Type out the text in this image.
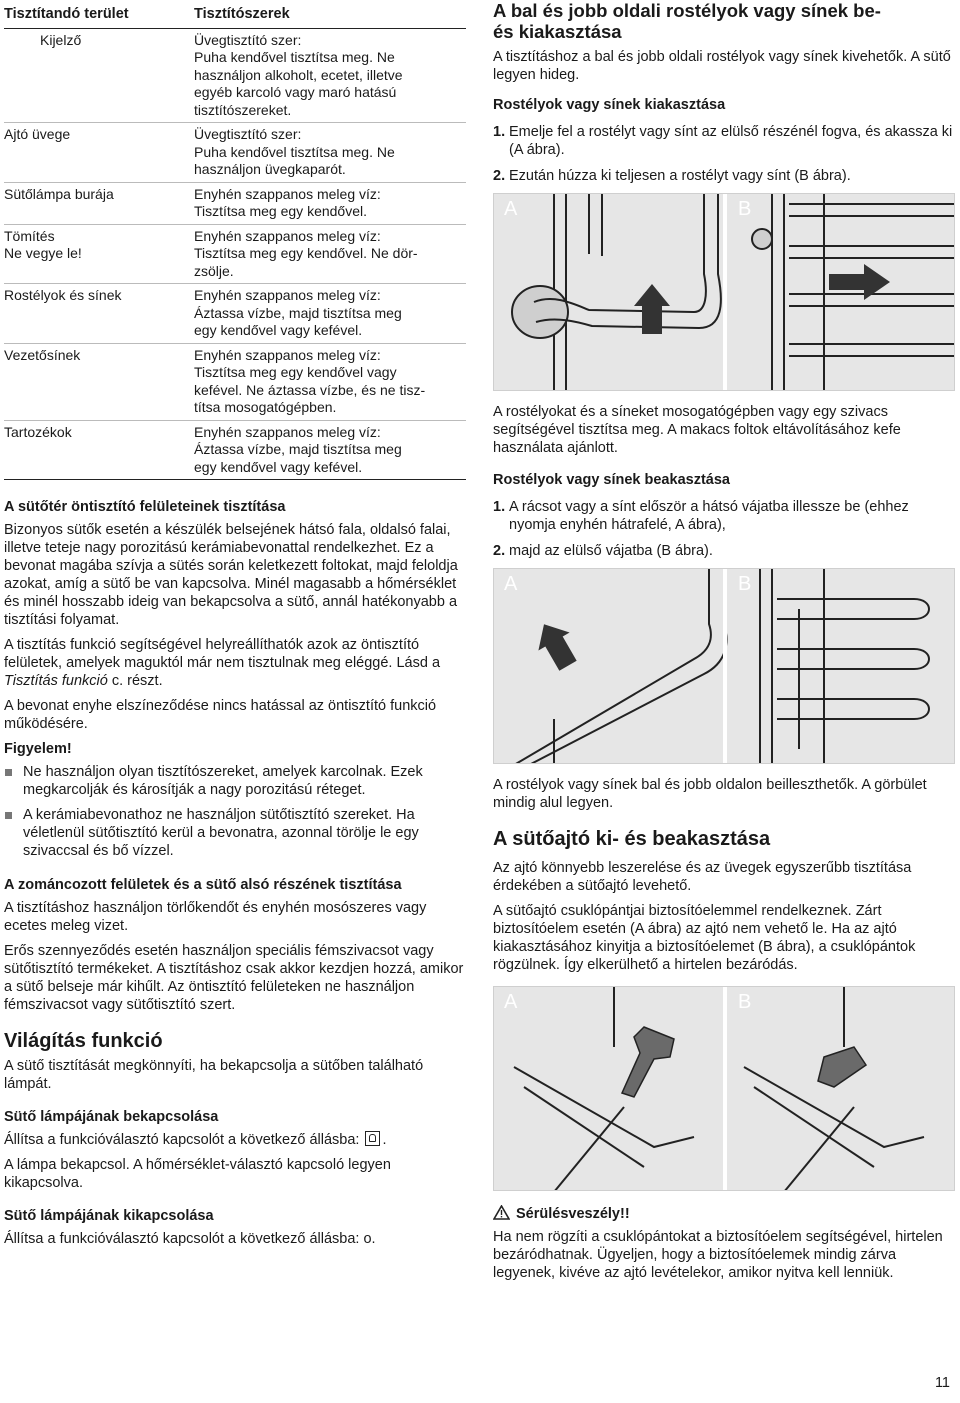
Tisztítandó terület	Tisztítószerek

Kijelző	Üvegtisztító szer:
Puha kendővel tisztítsa meg. Ne
használjon alkoholt, ecetet, illetve
egyéb karcoló vagy maró hatású
tisztítószereket.

Ajtó üvege	Üvegtisztító szer:
Puha kendővel tisztítsa meg. Ne
használjon üvegkaparót.

Sütőlámpa burája	Enyhén szappanos meleg víz:
Tisztítsa meg egy kendővel.

Tömítés
Ne vegye le!	Enyhén szappanos meleg víz:
Tisztítsa meg egy kendővel. Ne dör-
zsölje.

Rostélyok és sínek	Enyhén szappanos meleg víz:
Áztassa vízbe, majd tisztítsa meg
egy kendővel vagy kefével.

Vezetősínek	Enyhén szappanos meleg víz:
Tisztítsa meg egy kendővel vagy
kefével. Ne áztassa vízbe, és ne tisz-
títsa mosogatógépben.

Tartozékok	Enyhén szappanos meleg víz:
Áztassa vízbe, majd tisztítsa meg
egy kendővel vagy kefével.
A sütőtér öntisztító felületeinek tisztítása

Bizonyos sütők esetén a készülék belsejének hátsó fala, oldalsó falai, illetve teteje nagy porozitású kerámiabevonattal rendelkezhet. Ez a bevonat magába szívja a sütés során keletkezett foltokat, majd feloldja azokat, amíg a sütő be van kapcsolva. Minél magasabb a hőmérséklet és minél hosszabb ideig van bekapcsolva a sütő, annál hatékonyabb a tisztítási folyamat.

A tisztítás funkció segítségével helyreállíthatók azok az öntisztító felületek, amelyek maguktól már nem tisztulnak meg eléggé. Lásd a Tisztítás funkció c. részt.

A bevonat enyhe elszíneződése nincs hatással az öntisztító funkció működésére.

Figyelem!
Ne használjon olyan tisztítószereket, amelyek karcolnak. Ezek megkarcolják és károsítják a nagy porozitású réteget.
A kerámiabevonathoz ne használjon sütőtisztító szereket. Ha véletlenül sütőtisztító kerül a bevonatra, azonnal törölje le egy szivaccsal és bő vízzel.
A zománcozott felületek és a sütő alsó részének tisztítása

A tisztításhoz használjon törlőkendőt és enyhén mosószeres vagy ecetes meleg vizet.

Erős szennyeződés esetén használjon speciális fémszivacsot vagy sütőtisztító termékeket. A tisztításhoz csak akkor kezdjen hozzá, amikor a sütő belseje már kihűlt. Az öntisztító felületeken ne használjon fémszivacsot vagy sütőtisztító szert.

Világítás funkció

A sütő tisztítását megkönnyíti, ha bekapcsolja a sütőben található lámpát.

Sütő lámpájának bekapcsolása

Állítsa a funkcióválasztó kapcsolót a következő állásba: .

A lámpa bekapcsol. A hőmérséklet-választó kapcsoló legyen kikapcsolva.

Sütő lámpájának kikapcsolása

Állítsa a funkcióválasztó kapcsolót a következő állásba: o.

A bal és jobb oldali rostélyok vagy sínek be-
és kiakasztása

A tisztításhoz a bal és jobb oldali rostélyok vagy sínek kivehetők. A sütő legyen hideg.

Rostélyok vagy sínek kiakasztása
1. Emelje fel a rostélyt vagy sínt az elülső részénél fogva, és akassza ki (A ábra).
2. Ezután húzza ki teljesen a rostélyt vagy sínt (B ábra).
A	B

A rostélyokat és a síneket mosogatógépben vagy egy szivacs segítségével tisztítsa meg. A makacs foltok eltávolításához kefe használata ajánlott.

Rostélyok vagy sínek beakasztása
1. A rácsot vagy a sínt először a hátsó vájatba illessze be (ehhez nyomja enyhén hátrafelé, A ábra),
2. majd az elülső vájatba (B ábra).
A	B

A rostélyok vagy sínek bal és jobb oldalon beilleszthetők. A görbület mindig alul legyen.

A sütőajtó ki- és beakasztása

Az ajtó könnyebb leszerelése és az üvegek egyszerűbb tisztítása érdekében a sütőajtó levehető.

A sütőajtó csuklópántjai biztosítóelemmel rendelkeznek. Zárt biztosítóelem esetén (A ábra) az ajtó nem vehető le. Ha az ajtó kiakasztásához kinyitja a biztosítóelemet (B ábra), a csuklópántok rögzülnek. Így elkerülhető a hirtelen bezáródás.

A	B
Sérülésveszély!!

Ha nem rögzíti a csuklópántokat a biztosítóelem segítségével, hirtelen bezáródhatnak. Ügyeljen, hogy a biztosítóelemek mindig zárva legyenek, kivéve az ajtó levételekor, amikor nyitva kell lenniük.

11
